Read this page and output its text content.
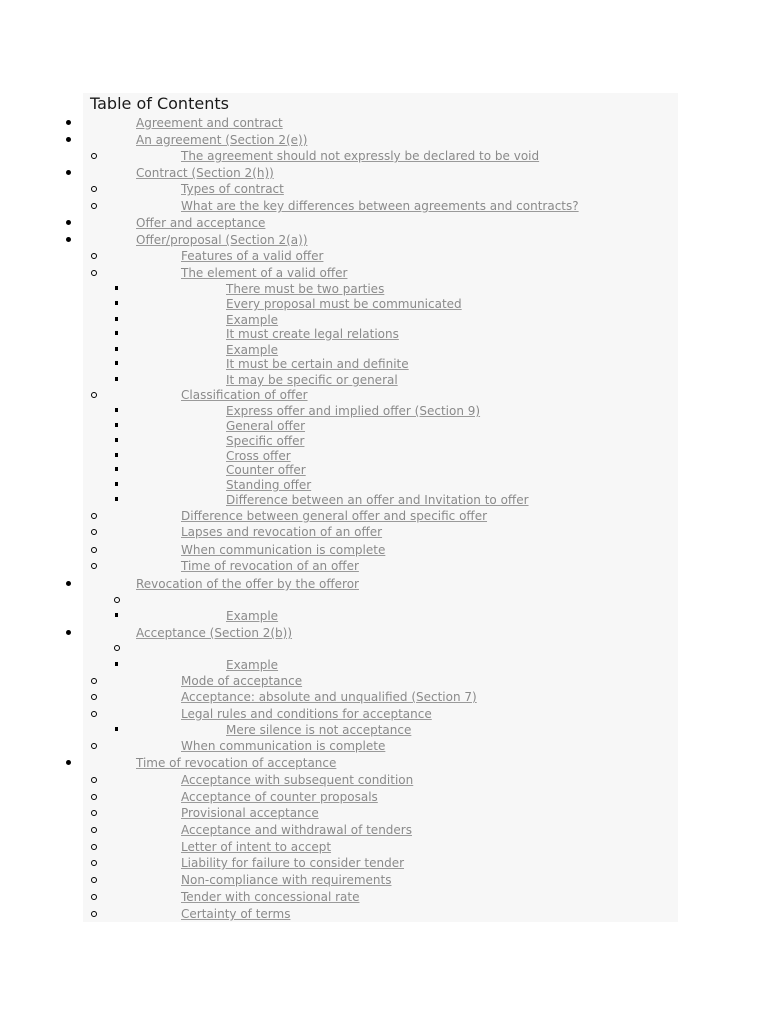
Table of Contents
Agreement and contract
An agreement (Section 2(e))
The agreement should not expressly be declared to be void
Contract (Section 2(h))
Types of contract
What are the key differences between agreements and contracts?
Offer and acceptance
Offer/proposal (Section 2(a))
Features of a valid offer
The element of a valid offer
There must be two parties
Every proposal must be communicated
Example
It must create legal relations
Example
It must be certain and definite
It may be specific or general
Classification of offer
Express offer and implied offer (Section 9)
General offer
Specific offer
Cross offer
Counter offer
Standing offer
Difference between an offer and Invitation to offer
Difference between general offer and specific offer
Lapses and revocation of an offer
When communication is complete
Time of revocation of an offer
Revocation of the offer by the offeror
Example
Acceptance (Section 2(b))
Example
Mode of acceptance
Acceptance: absolute and unqualified (Section 7)
Legal rules and conditions for acceptance
Mere silence is not acceptance
When communication is complete
Time of revocation of acceptance
Acceptance with subsequent condition
Acceptance of counter proposals
Provisional acceptance
Acceptance and withdrawal of tenders
Letter of intent to accept
Liability for failure to consider tender
Non-compliance with requirements
Tender with concessional rate
Certainty of terms
